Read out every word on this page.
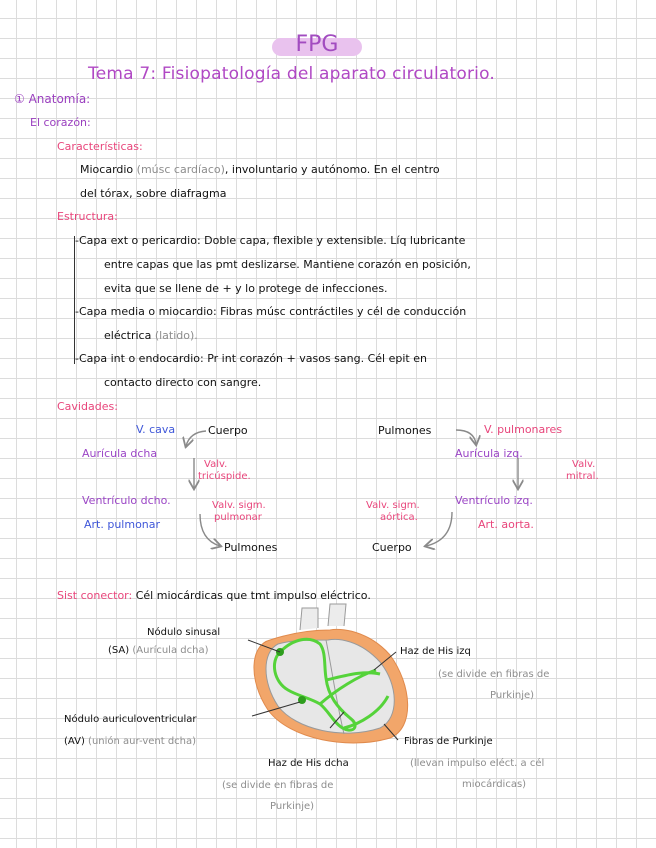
FPG
Tema 7: Fisiopatología del aparato circulatorio.
① Anatomía:
El corazón:
Características:
Miocardio (músc cardíaco), involuntario y autónomo. En el centro
del tórax, sobre diafragma
Estructura:
-Capa ext o pericardio: Doble capa, flexible y extensible. Líq lubricante
entre capas que las pmt deslizarse. Mantiene corazón en posición,
evita que se llene de + y lo protege de infecciones.
-Capa media o miocardio: Fibras músc contráctiles y cél de conducción
eléctrica (latido).
-Capa int o endocardio: Pr int corazón + vasos sang. Cél epit en
contacto directo con sangre.
Cavidades:
V. cava	Cuerpo
Aurícula dcha
Valv.
tricúspide.
Ventrículo dcho.	Valv. sigm.
pulmonar
Art. pulmonar
Pulmones
Pulmones	V. pulmonares
Aurícula izq.
Valv.
mitral.
Ventrículo izq.
Valv. sigm.
aórtica.
Art. aorta.
Cuerpo
Sist conector: Cél miocárdicas que tmt impulso eléctrico.
Nódulo sinusal
(SA) (Aurícula dcha)
Nódulo auriculoventricular
(AV) (unión aur-vent dcha)
Haz de His izq
(se divide en fibras de
Purkinje)
Haz de His dcha
(se divide en fibras de
Purkinje)
Fibras de Purkinje
(llevan impulso eléct. a cél
miocárdicas)
